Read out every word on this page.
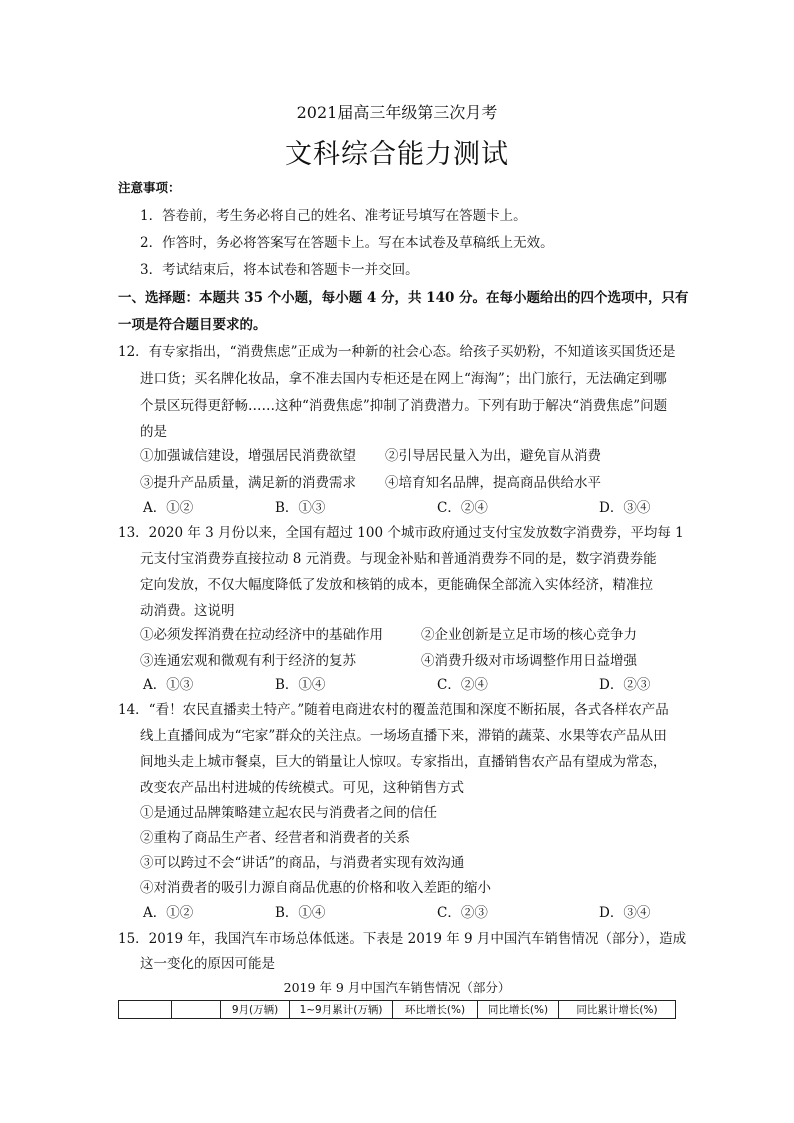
2021届高三年级第三次月考
文科综合能力测试
注意事项：
1．答卷前，考生务必将自己的姓名、准考证号填写在答题卡上。
2．作答时，务必将答案写在答题卡上。写在本试卷及草稿纸上无效。
3．考试结束后，将本试卷和答题卡一并交回。
一、选择题：本题共 35 个小题，每小题 4 分，共 140 分。在每小题给出的四个选项中，只有
一项是符合题目要求的。
12．有专家指出，“消费焦虑”正成为一种新的社会心态。给孩子买奶粉，不知道该买国货还是
进口货；买名牌化妆品，拿不准去国内专柜还是在网上“海淘”；出门旅行，无法确定到哪
个景区玩得更舒畅……这种“消费焦虑”抑制了消费潜力。下列有助于解决“消费焦虑”问题
的是
①加强诚信建设，增强居民消费欲望 ②引导居民量入为出，避免盲从消费
③提升产品质量，满足新的消费需求 ④培育知名品牌，提高商品供给水平
A．①②	B．①③	C．②④	D．③④
13．2020 年 3 月份以来，全国有超过 100 个城市政府通过支付宝发放数字消费券，平均每 1
元支付宝消费券直接拉动 8 元消费。与现金补贴和普通消费券不同的是，数字消费券能
定向发放，不仅大幅度降低了发放和核销的成本，更能确保全部流入实体经济，精准拉
动消费。这说明
①必须发挥消费在拉动经济中的基础作用	②企业创新是立足市场的核心竞争力
③连通宏观和微观有利于经济的复苏	④消费升级对市场调整作用日益增强
A．①③	B．①④	C．②④	D．②③
14．“看！农民直播卖土特产。”随着电商进农村的覆盖范围和深度不断拓展，各式各样农产品
线上直播间成为“宅家”群众的关注点。一场场直播下来，滞销的蔬菜、水果等农产品从田
间地头走上城市餐桌，巨大的销量让人惊叹。专家指出，直播销售农产品有望成为常态，
改变农产品出村进城的传统模式。可见，这种销售方式
①是通过品牌策略建立起农民与消费者之间的信任
②重构了商品生产者、经营者和消费者的关系
③可以跨过不会“讲话”的商品，与消费者实现有效沟通
④对消费者的吸引力源自商品优惠的价格和收入差距的缩小
A．①②	B．①④	C．②③	D．③④
15．2019 年，我国汽车市场总体低迷。下表是 2019 年 9 月中国汽车销售情况（部分），造成
这一变化的原因可能是
2019 年 9 月中国汽车销售情况（部分）
		9月(万辆)	1~9月累计(万辆)	环比增长(%)	同比增长(%)	同比累计增长(%)
